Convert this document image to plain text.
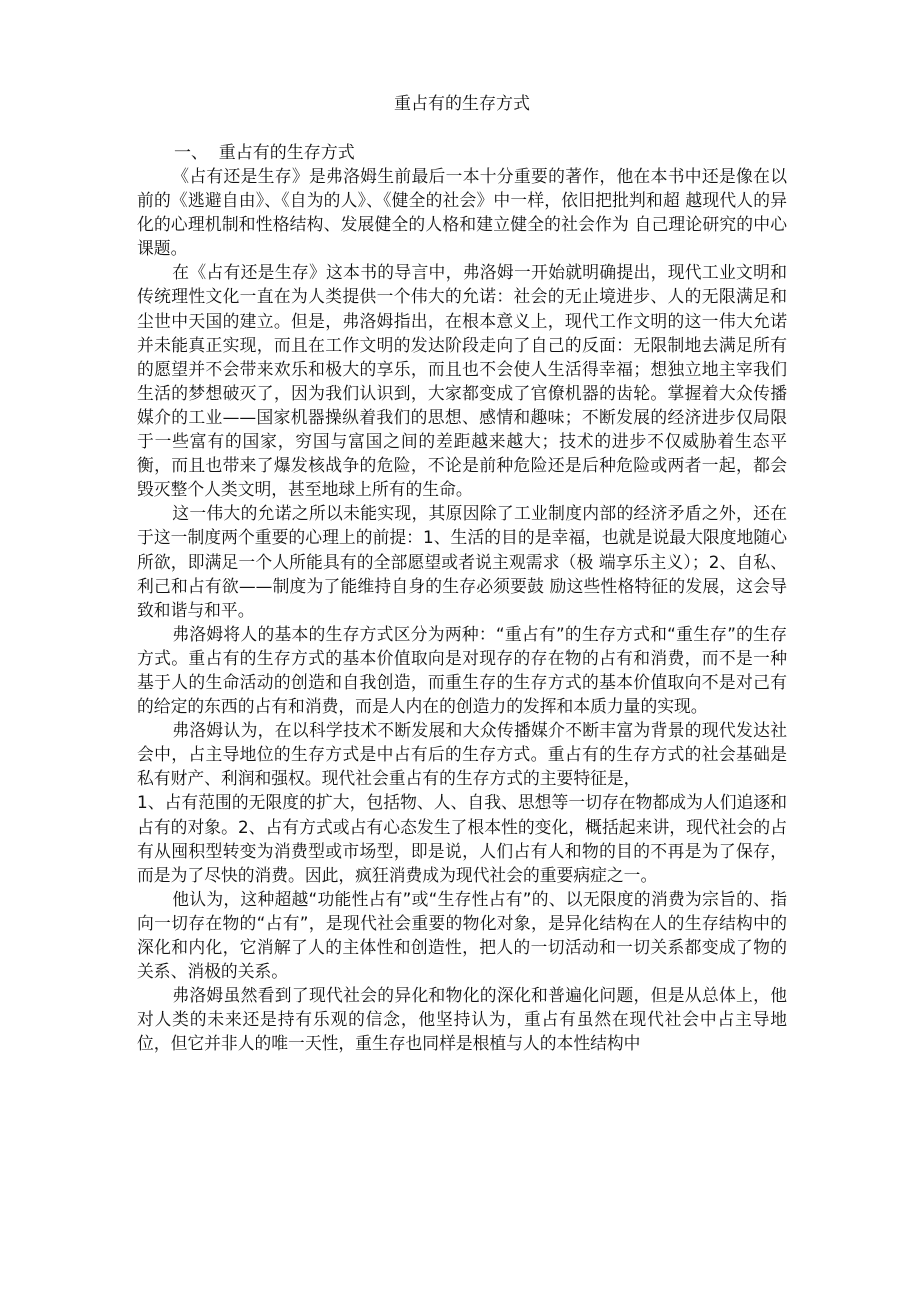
重占有的生存方式
一、  重占有的生存方式

《占有还是生存》是弗洛姆生前最后一本十分重要的著作，他在本书中还是像在以前的《逃避自由》、《自为的人》、《健全的社会》中一样，依旧把批判和超 越现代人的异化的心理机制和性格结构、发展健全的人格和建立健全的社会作为 自己理论研究的中心课题。

在《占有还是生存》这本书的导言中，弗洛姆一开始就明确提出，现代工业文明和传统理性文化一直在为人类提供一个伟大的允诺：社会的无止境进步、人的无限满足和尘世中天国的建立。但是，弗洛姆指出，在根本意义上，现代工作文明的这一伟大允诺并未能真正实现，而且在工作文明的发达阶段走向了自己的反面：无限制地去满足所有的愿望并不会带来欢乐和极大的享乐，而且也不会使人生活得幸福；想独立地主宰我们生活的梦想破灭了，因为我们认识到，大家都变成了官僚机器的齿轮。掌握着大众传播媒介的工业——国家机器操纵着我们的思想、感情和趣味；不断发展的经济进步仅局限于一些富有的国家，穷国与富国之间的差距越来越大；技术的进步不仅威胁着生态平衡，而且也带来了爆发核战争的危险，不论是前种危险还是后种危险或两者一起，都会毁灭整个人类文明，甚至地球上所有的生命。

这一伟大的允诺之所以未能实现，其原因除了工业制度内部的经济矛盾之外，还在于这一制度两个重要的心理上的前提：1、生活的目的是幸福，也就是说最大限度地随心所欲，即满足一个人所能具有的全部愿望或者说主观需求（极 端享乐主义）；2、自私、利己和占有欲——制度为了能维持自身的生存必须要鼓 励这些性格特征的发展，这会导致和谐与和平。

弗洛姆将人的基本的生存方式区分为两种：“重占有”的生存方式和“重生存”的生存方式。重占有的生存方式的基本价值取向是对现存的存在物的占有和消费，而不是一种基于人的生命活动的创造和自我创造，而重生存的生存方式的基本价值取向不是对己有的给定的东西的占有和消费，而是人内在的创造力的发挥和本质力量的实现。

弗洛姆认为，在以科学技术不断发展和大众传播媒介不断丰富为背景的现代发达社会中，占主导地位的生存方式是中占有后的生存方式。重占有的生存方式的社会基础是私有财产、利润和强权。现代社会重占有的生存方式的主要特征是，

1、占有范围的无限度的扩大，包括物、人、自我、思想等一切存在物都成为人们追逐和占有的对象。2、占有方式或占有心态发生了根本性的变化，概括起来讲，现代社会的占有从囤积型转变为消费型或市场型，即是说，人们占有人和物的目的不再是为了保存，而是为了尽快的消费。因此，疯狂消费成为现代社会的重要病症之一。

他认为，这种超越“功能性占有”或“生存性占有”的、以无限度的消费为宗旨的、指向一切存在物的“占有”，是现代社会重要的物化对象，是异化结构在人的生存结构中的深化和内化，它消解了人的主体性和创造性，把人的一切活动和一切关系都变成了物的关系、消极的关系。

弗洛姆虽然看到了现代社会的异化和物化的深化和普遍化问题，但是从总体上，他对人类的未来还是持有乐观的信念，他坚持认为，重占有虽然在现代社会中占主导地位，但它并非人的唯一天性，重生存也同样是根植与人的本性结构中
